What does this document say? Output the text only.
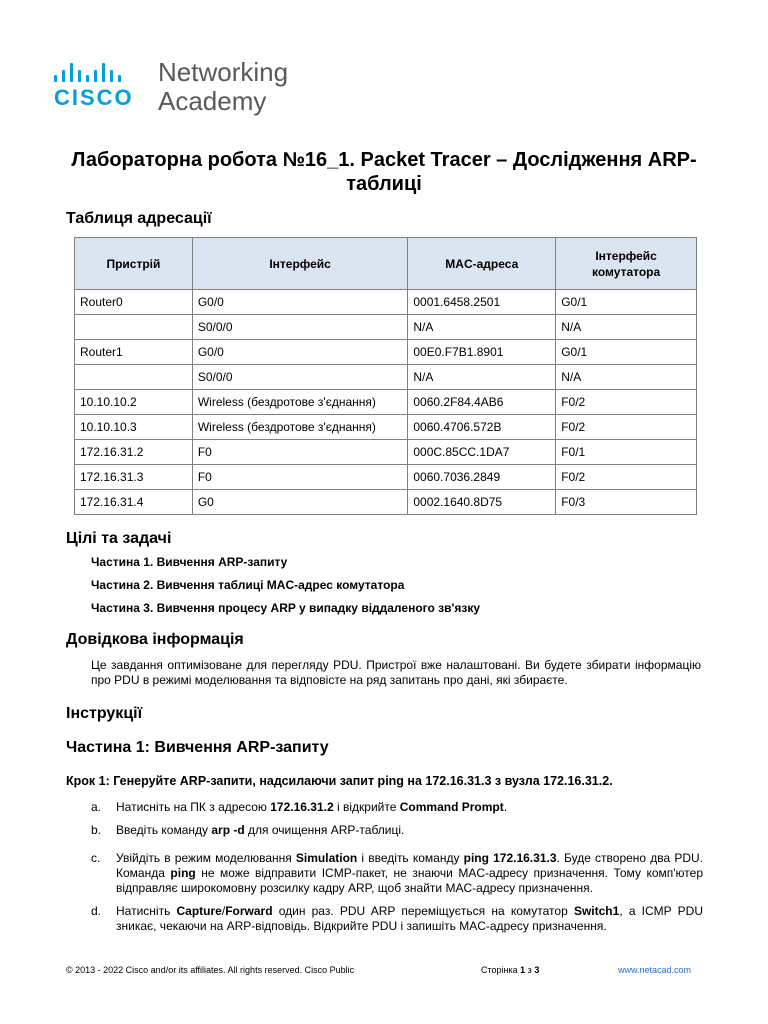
CISCO
Networking
Academy
Лабораторна робота №16_1. Packet Tracer – Дослідження ARP-таблиці
Таблиця адресації
Пристрій	Інтерфейс	MAC-адреса	Інтерфейс комутатора
Router0	G0/0	0001.6458.2501	G0/1
	S0/0/0	N/A	N/A
Router1	G0/0	00E0.F7B1.8901	G0/1
	S0/0/0	N/A	N/A
10.10.10.2	Wireless (бездротове з'єднання)	0060.2F84.4AB6	F0/2
10.10.10.3	Wireless (бездротове з'єднання)	0060.4706.572B	F0/2
172.16.31.2	F0	000C.85CC.1DA7	F0/1
172.16.31.3	F0	0060.7036.2849	F0/2
172.16.31.4	G0	0002.1640.8D75	F0/3
Цілі та задачі
Частина 1. Вивчення ARP-запиту
Частина 2. Вивчення таблиці MAC-адрес комутатора
Частина 3. Вивчення процесу ARP у випадку віддаленого зв'язку
Довідкова інформація
Це завдання оптимізоване для перегляду PDU. Пристрої вже налаштовані. Ви будете збирати інформацію про PDU в режимі моделювання та відповісте на ряд запитань про дані, які збираєте.
Інструкції
Частина 1: Вивчення ARP-запиту
Крок 1: Генеруйте ARP-запити, надсилаючи запит ping на 172.16.31.3 з вузла 172.16.31.2.
a. Натисніть на ПК з адресою 172.16.31.2 і відкрийте Command Prompt.
b. Введіть команду arp -d для очищення ARP-таблиці.
c. Увійдіть в режим моделювання Simulation і введіть команду ping 172.16.31.3. Буде створено два PDU. Команда ping не може відправити ICMP-пакет, не знаючи MAC-адресу призначення. Тому комп'ютер відправляє широкомовну розсилку кадру ARP, щоб знайти MAC-адресу призначення.
d. Натисніть Capture/Forward один раз. PDU ARP переміщується на комутатор Switch1, а ICMP PDU зникає, чекаючи на ARP-відповідь. Відкрийте PDU і запишіть MAC-адресу призначення.
© 2013 - 2022 Cisco and/or its affiliates. All rights reserved. Cisco Public	Сторінка 1 з 3	www.netacad.com
